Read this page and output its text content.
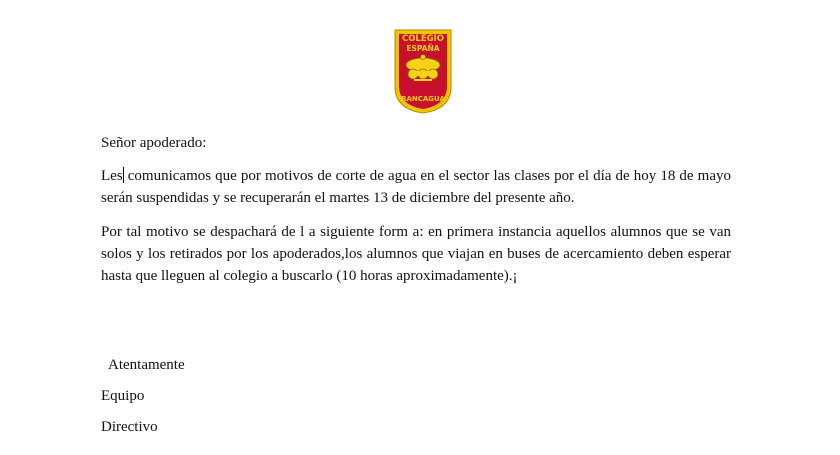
COLEGIO
ESPAÑA
RANCAGUA
Señor apoderado:
Les comunicamos que por motivos de corte de agua en el sector las clases por el día de hoy 18 de mayo serán suspendidas y se recuperarán el martes 13 de diciembre del presente año.
Por tal motivo se despachará de l a siguiente form a: en primera instancia aquellos alumnos que se van solos y los retirados por los apoderados,los alumnos que viajan en buses de acercamiento deben esperar hasta que lleguen al colegio a buscarlo (10 horas aproximadamente).¡
Atentamente
Equipo
Directivo
